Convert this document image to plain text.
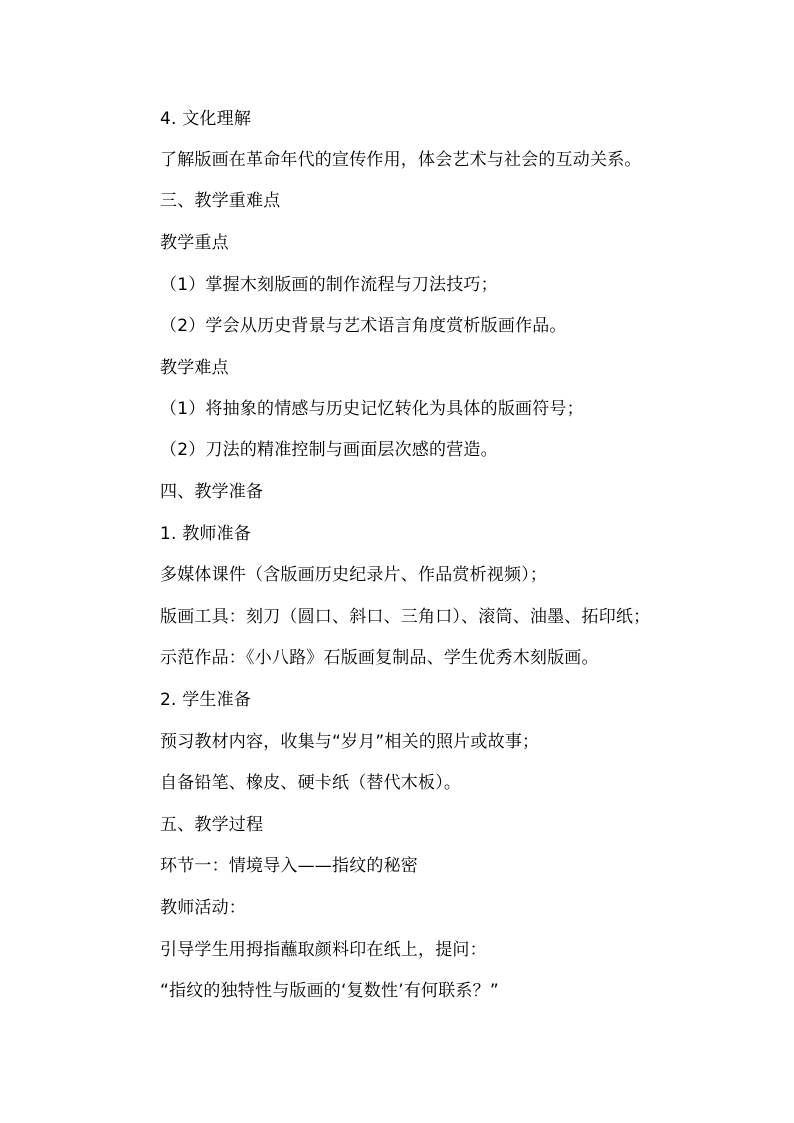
4. 文化理解
了解版画在革命年代的宣传作用，体会艺术与社会的互动关系。
三、教学重难点
教学重点
（1）掌握木刻版画的制作流程与刀法技巧；
（2）学会从历史背景与艺术语言角度赏析版画作品。
教学难点
（1）将抽象的情感与历史记忆转化为具体的版画符号；
（2）刀法的精准控制与画面层次感的营造。
四、教学准备
1. 教师准备
多媒体课件（含版画历史纪录片、作品赏析视频）；
版画工具：刻刀（圆口、斜口、三角口）、滚筒、油墨、拓印纸；
示范作品：《小八路》石版画复制品、学生优秀木刻版画。
2. 学生准备
预习教材内容，收集与“岁月”相关的照片或故事；
自备铅笔、橡皮、硬卡纸（替代木板）。
五、教学过程
环节一：情境导入——指纹的秘密
教师活动：
引导学生用拇指蘸取颜料印在纸上，提问：
“指纹的独特性与版画的‘复数性’有何联系？”
